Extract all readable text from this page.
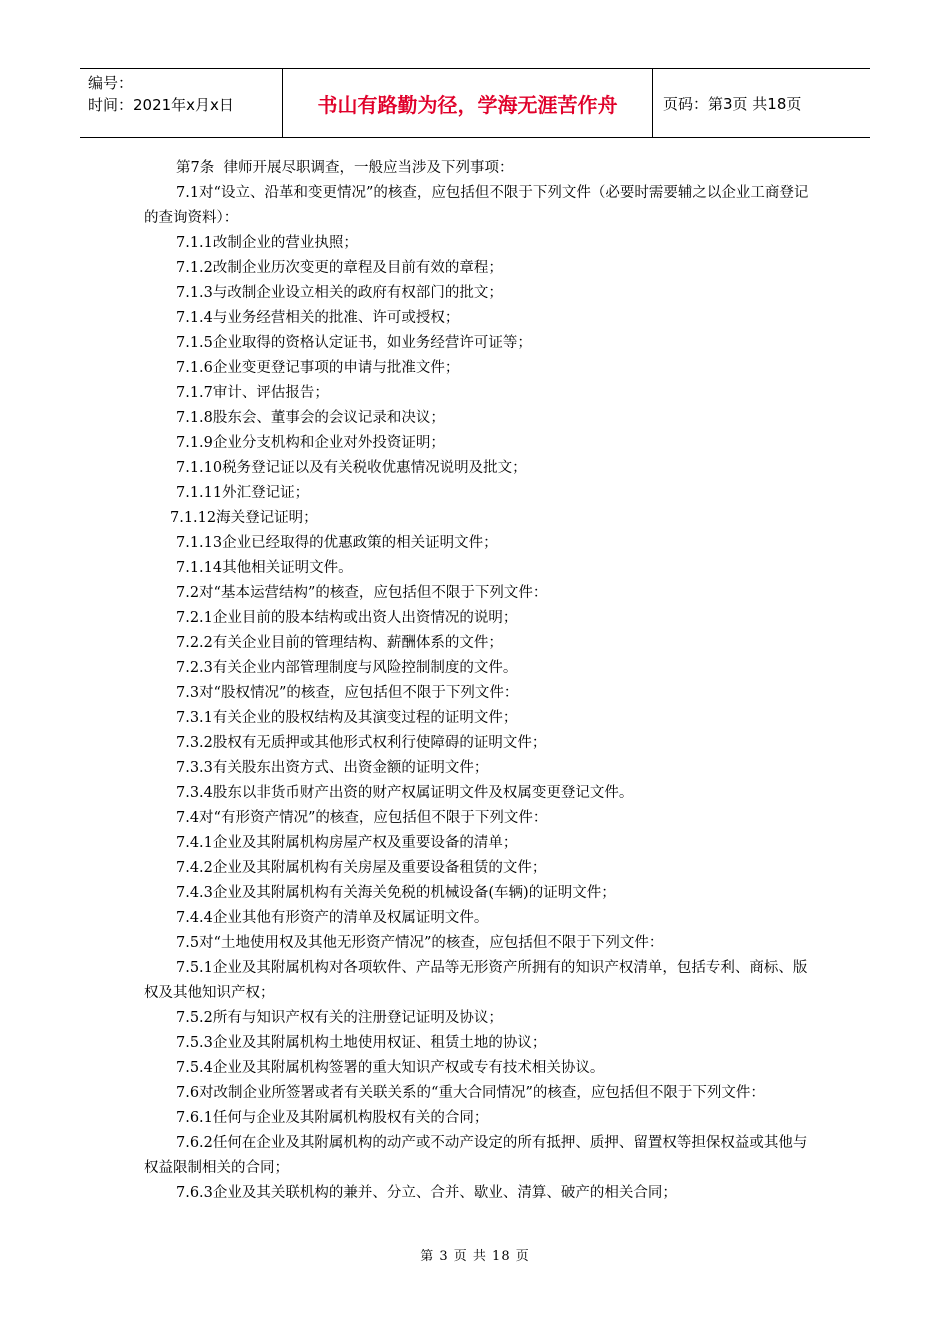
编号：
时间：2021年x月x日	书山有路勤为径，学海无涯苦作舟	页码：第3页 共18页

第7条  律师开展尽职调查，一般应当涉及下列事项：

7.1对“设立、沿革和变更情况”的核查，应包括但不限于下列文件（必要时需要辅之以企业工商登记的查询资料）：

7.1.1改制企业的营业执照；

7.1.2改制企业历次变更的章程及目前有效的章程；

7.1.3与改制企业设立相关的政府有权部门的批文；

7.1.4与业务经营相关的批准、许可或授权；

7.1.5企业取得的资格认定证书，如业务经营许可证等；

7.1.6企业变更登记事项的申请与批准文件；

7.1.7审计、评估报告；

7.1.8股东会、董事会的会议记录和决议；

7.1.9企业分支机构和企业对外投资证明；

7.1.10税务登记证以及有关税收优惠情况说明及批文；

7.1.11外汇登记证；

7.1.12海关登记证明；

7.1.13企业已经取得的优惠政策的相关证明文件；

7.1.14其他相关证明文件。

7.2对“基本运营结构”的核查，应包括但不限于下列文件：

7.2.1企业目前的股本结构或出资人出资情况的说明；

7.2.2有关企业目前的管理结构、薪酬体系的文件；

7.2.3有关企业内部管理制度与风险控制制度的文件。

7.3对“股权情况”的核查，应包括但不限于下列文件：

7.3.1有关企业的股权结构及其演变过程的证明文件；

7.3.2股权有无质押或其他形式权利行使障碍的证明文件；

7.3.3有关股东出资方式、出资金额的证明文件；

7.3.4股东以非货币财产出资的财产权属证明文件及权属变更登记文件。

7.4对“有形资产情况”的核查，应包括但不限于下列文件：

7.4.1企业及其附属机构房屋产权及重要设备的清单；

7.4.2企业及其附属机构有关房屋及重要设备租赁的文件；

7.4.3企业及其附属机构有关海关免税的机械设备(车辆)的证明文件；

7.4.4企业其他有形资产的清单及权属证明文件。

7.5对“土地使用权及其他无形资产情况”的核查，应包括但不限于下列文件：

7.5.1企业及其附属机构对各项软件、产品等无形资产所拥有的知识产权清单，包括专利、商标、版权及其他知识产权；

7.5.2所有与知识产权有关的注册登记证明及协议；

7.5.3企业及其附属机构土地使用权证、租赁土地的协议；

7.5.4企业及其附属机构签署的重大知识产权或专有技术相关协议。

7.6对改制企业所签署或者有关联关系的“重大合同情况”的核查，应包括但不限于下列文件：

7.6.1任何与企业及其附属机构股权有关的合同；

7.6.2任何在企业及其附属机构的动产或不动产设定的所有抵押、质押、留置权等担保权益或其他与权益限制相关的合同；

7.6.3企业及其关联机构的兼并、分立、合并、歇业、清算、破产的相关合同；

第 3 页 共 18 页
